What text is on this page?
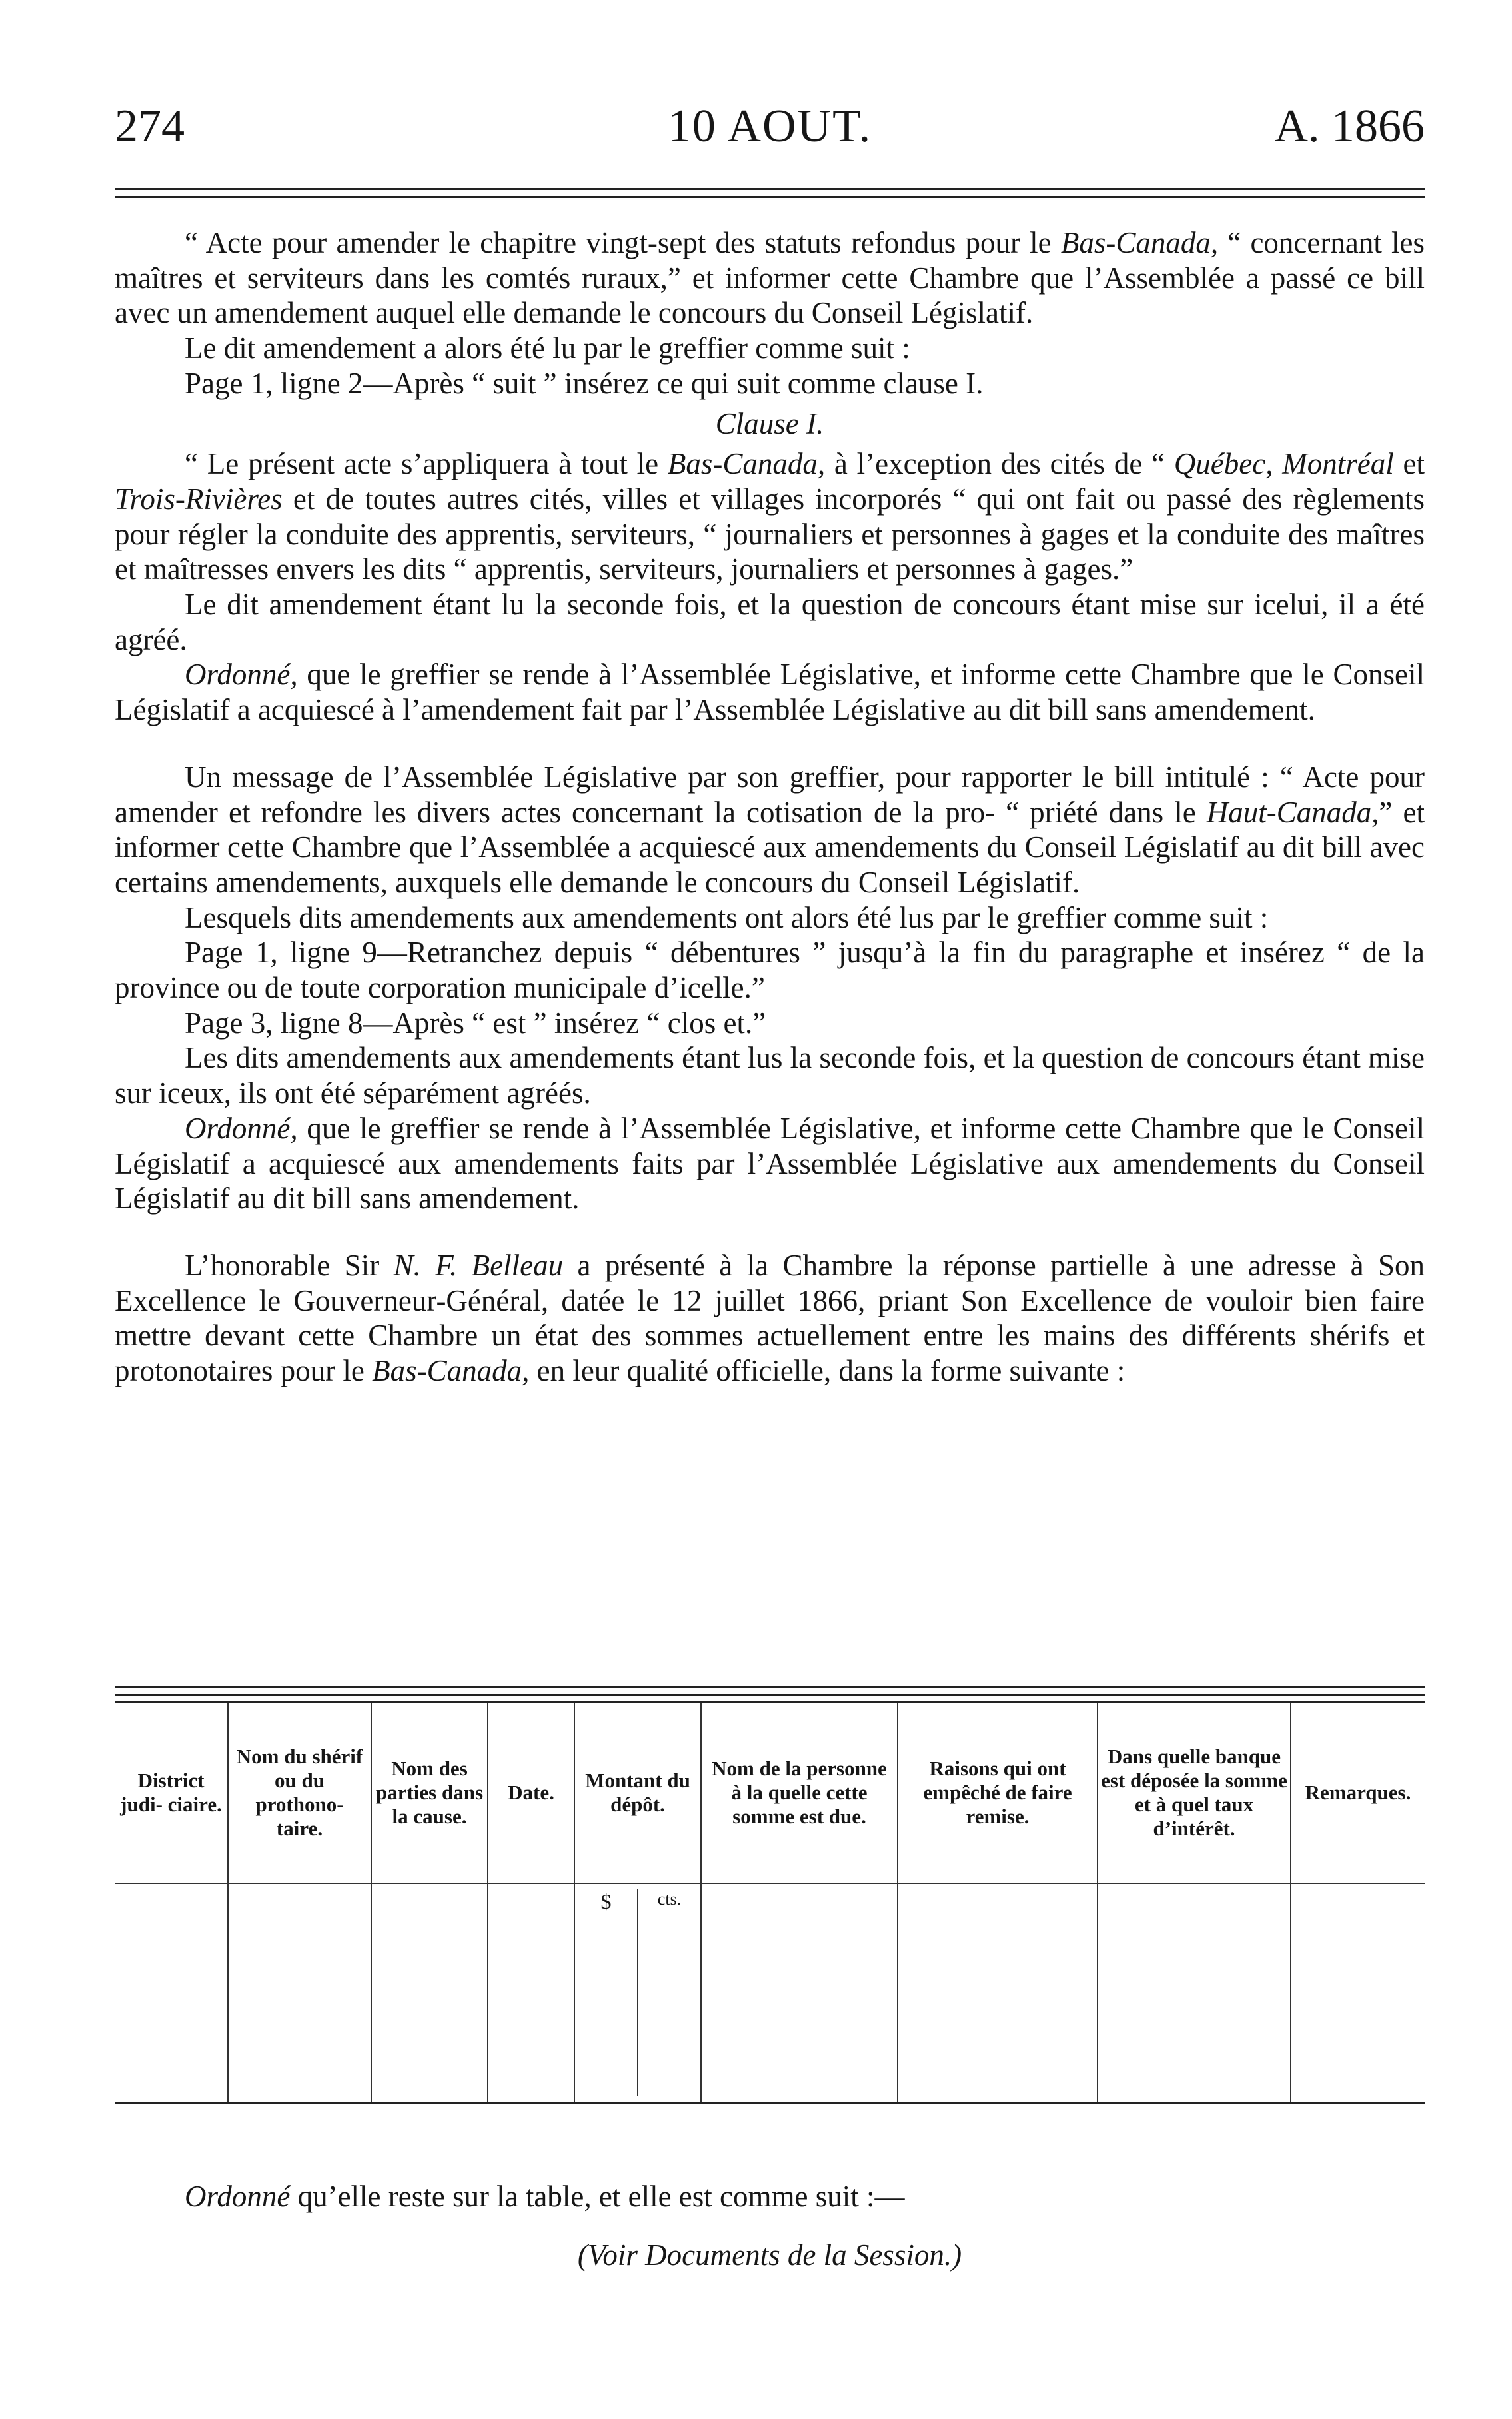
274	10 AOUT.	A. 1866

“ Acte pour amender le chapitre vingt-sept des statuts refondus pour le Bas-Canada, “ concernant les maîtres et serviteurs dans les comtés ruraux,” et informer cette Chambre que l’Assemblée a passé ce bill avec un amendement auquel elle demande le concours du Conseil Législatif.

Le dit amendement a alors été lu par le greffier comme suit :

Page 1, ligne 2—Après “ suit ” insérez ce qui suit comme clause I.

Clause I.

“ Le présent acte s’appliquera à tout le Bas-Canada, à l’exception des cités de “ Québec, Montréal et Trois-Rivières et de toutes autres cités, villes et villages incorporés “ qui ont fait ou passé des règlements pour régler la conduite des apprentis, serviteurs, “ journaliers et personnes à gages et la conduite des maîtres et maîtresses envers les dits “ apprentis, serviteurs, journaliers et personnes à gages.”

Le dit amendement étant lu la seconde fois, et la question de concours étant mise sur icelui, il a été agréé.

Ordonné, que le greffier se rende à l’Assemblée Législative, et informe cette Chambre que le Conseil Législatif a acquiescé à l’amendement fait par l’Assemblée Législative au dit bill sans amendement.

Un message de l’Assemblée Législative par son greffier, pour rapporter le bill intitulé : “ Acte pour amender et refondre les divers actes concernant la cotisation de la pro- “ priété dans le Haut-Canada,” et informer cette Chambre que l’Assemblée a acquiescé aux amendements du Conseil Législatif au dit bill avec certains amendements, auxquels elle demande le concours du Conseil Législatif.

Lesquels dits amendements aux amendements ont alors été lus par le greffier comme suit :

Page 1, ligne 9—Retranchez depuis “ débentures ” jusqu’à la fin du paragraphe et insérez “ de la province ou de toute corporation municipale d’icelle.”

Page 3, ligne 8—Après “ est ” insérez “ clos et.”

Les dits amendements aux amendements étant lus la seconde fois, et la question de concours étant mise sur iceux, ils ont été séparément agréés.

Ordonné, que le greffier se rende à l’Assemblée Législative, et informe cette Chambre que le Conseil Législatif a acquiescé aux amendements faits par l’Assemblée Législative aux amendements du Conseil Législatif au dit bill sans amendement.

L’honorable Sir N. F. Belleau a présenté à la Chambre la réponse partielle à une adresse à Son Excellence le Gouverneur-Général, datée le 12 juillet 1866, priant Son Excellence de vouloir bien faire mettre devant cette Chambre un état des sommes actuellement entre les mains des différents shérifs et protonotaires pour le Bas-Canada, en leur qualité officielle, dans la forme suivante :

District judi- ciaire.	Nom du shérif ou du prothono- taire.	Nom des parties dans la cause.	Date.	Montant du dépôt.	Nom de la personne à la quelle cette somme est due.	Raisons qui ont empêché de faire remise.	Dans quelle banque est déposée la somme et à quel taux d’intérêt.	Remarques.

				$ cts.				

Ordonné qu’elle reste sur la table, et elle est comme suit :—

(Voir Documents de la Session.)
